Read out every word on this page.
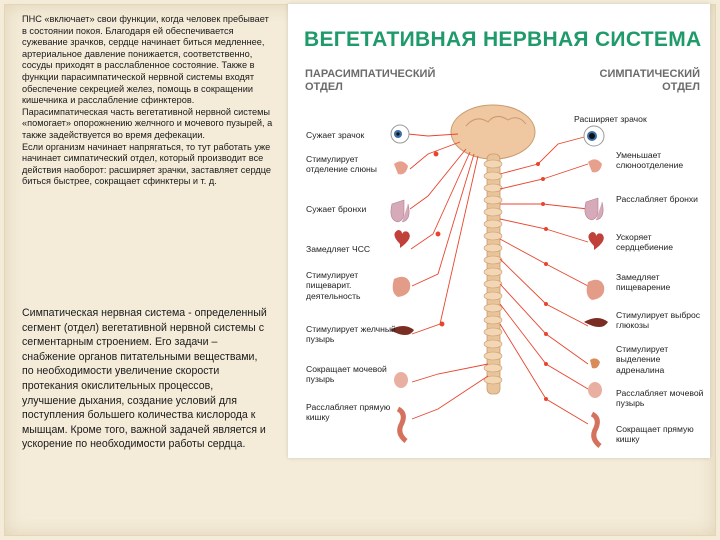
ПНС «включает» свои функции, когда человек пребывает в состоянии покоя. Благодаря ей обеспечивается сужевание зрачков, сердце начинает биться медленнее, артериальное давление понижается, соответственно, сосуды приходят в расслабленное состояние. Также в функции парасимпатической нервной системы входят обеспечение секрецией желез, помощь в сокращении кишечника и расслабление сфинктеров. Парасимпатическая часть вегетативной нервной системы «помогает» опорожнению желчного и мочевого пузырей, а также задействуется во время дефекации.

Если организм начинает напрягаться, то тут работать уже начинает симпатический отдел, который производит все действия наоборот: расширяет зрачки, заставляет сердце биться быстрее, сокращает сфинктеры и т. д.

Симпатическая нервная система - определенный сегмент (отдел) вегетативной нервной системы с сегментарным строением. Его задачи – снабжение органов питательными веществами, по необходимости увеличение скорости протекания окислительных процессов, улучшение дыхания, создание условий для поступления большего количества кислорода к мышцам. Кроме того, важной задачей является и ускорение по необходимости работы сердца.

ВЕГЕТАТИВНАЯ НЕРВНАЯ СИСТЕМА
ПАРАСИМПАТИЧЕСКИЙ
ОТДЕЛ
СИМПАТИЧЕСКИЙ
ОТДЕЛ
Сужает зрачок
Стимулирует отделение слюны
Сужает бронхи
Замедляет ЧСС
Стимулирует пищеварит. деятельность
Стимулирует желчный пузырь
Сокращает мочевой пузырь
Расслабляет прямую кишку
Расширяет зрачок
Уменьшает слюноотделение
Расслабляет бронхи
Ускоряет сердцебиение
Замедляет пищеварение
Стимулирует выброс глюкозы
Стимулирует выделение адреналина
Расслабляет мочевой пузырь
Сокращает прямую кишку
